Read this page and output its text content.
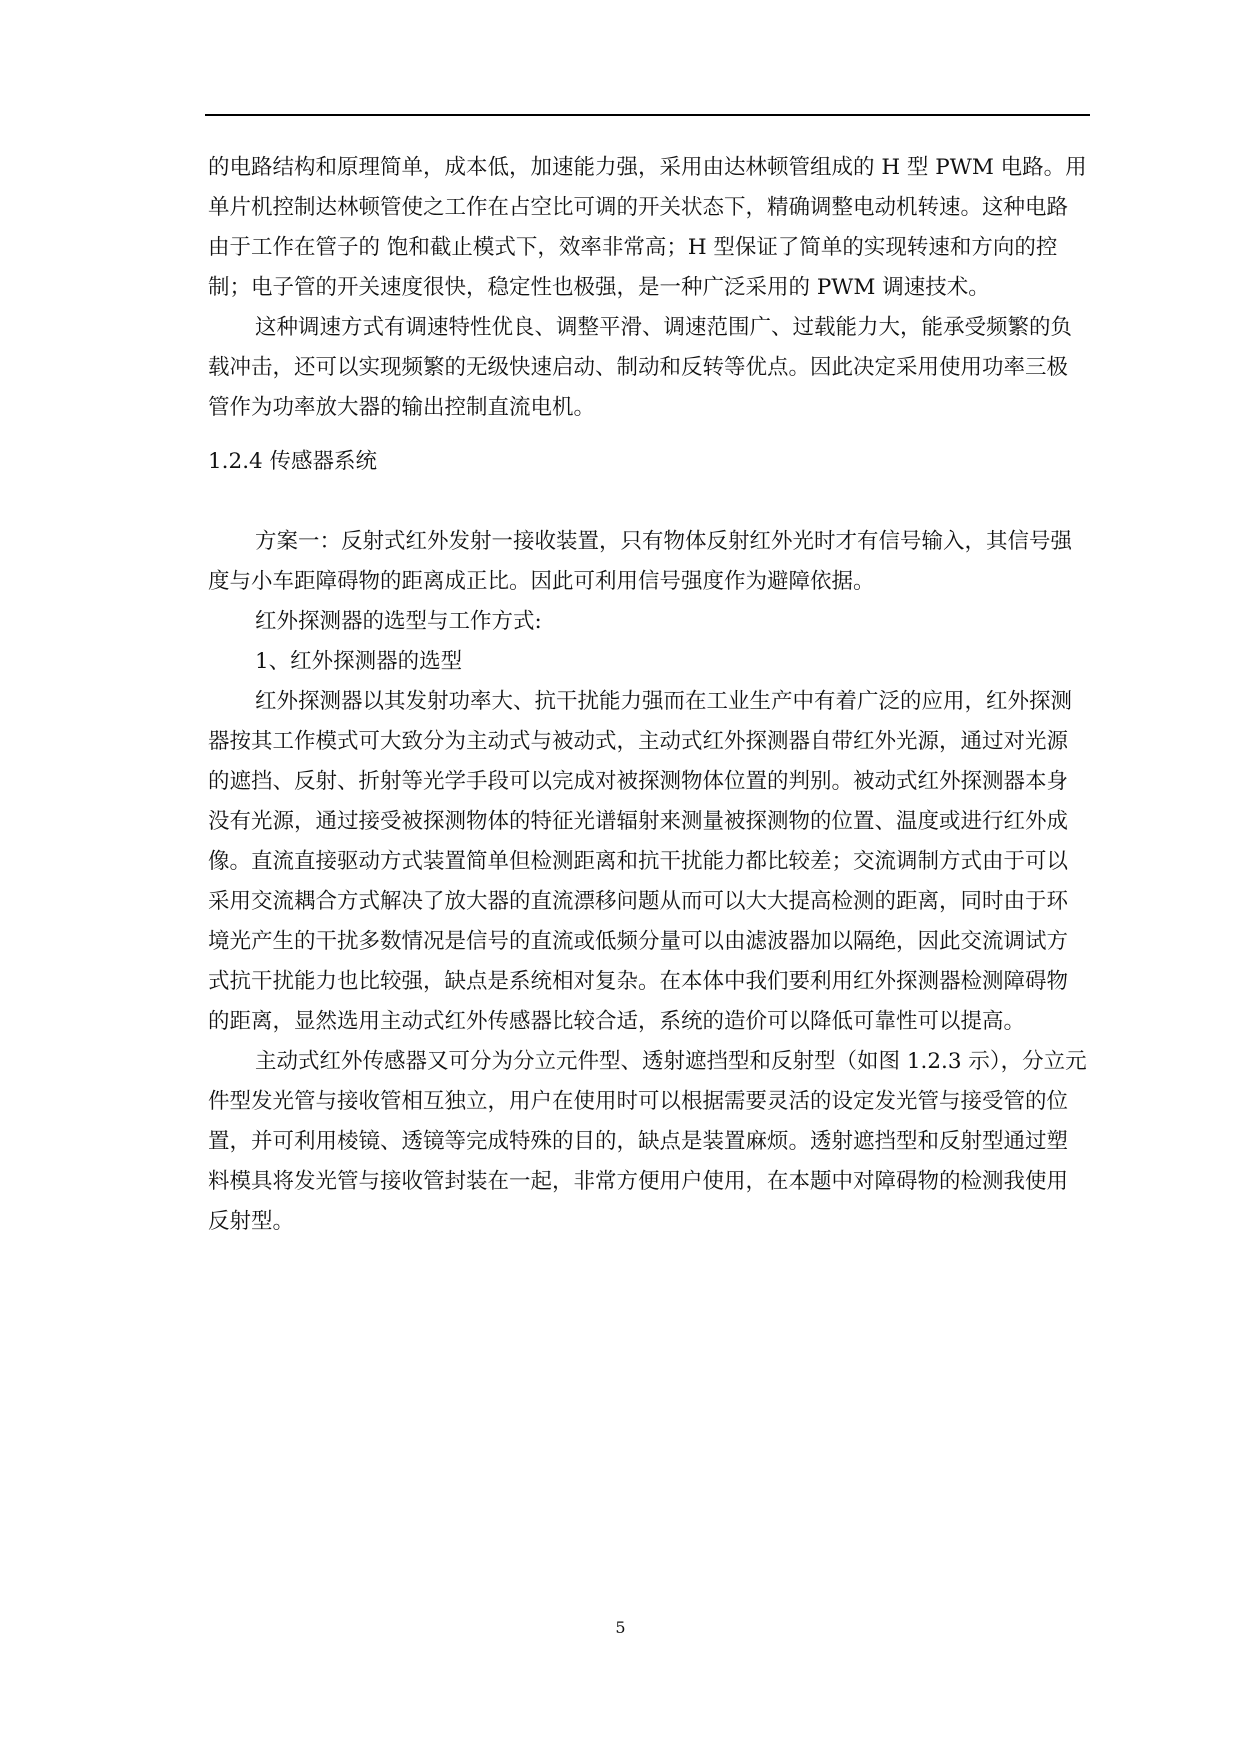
的电路结构和原理简单，成本低，加速能力强，采用由达林顿管组成的 H 型 PWM 电路。用单片机控制达林顿管使之工作在占空比可调的开关状态下，精确调整电动机转速。这种电路由于工作在管子的 饱和截止模式下，效率非常高；H 型保证了简单的实现转速和方向的控制；电子管的开关速度很快，稳定性也极强，是一种广泛采用的 PWM 调速技术。

这种调速方式有调速特性优良、调整平滑、调速范围广、过载能力大，能承受频繁的负载冲击，还可以实现频繁的无级快速启动、制动和反转等优点。因此决定采用使用功率三极管作为功率放大器的输出控制直流电机。

1.2.4 传感器系统

方案一：反射式红外发射一接收装置，只有物体反射红外光时才有信号输入，其信号强度与小车距障碍物的距离成正比。因此可利用信号强度作为避障依据。

红外探测器的选型与工作方式:

1、红外探测器的选型

红外探测器以其发射功率大、抗干扰能力强而在工业生产中有着广泛的应用，红外探测器按其工作模式可大致分为主动式与被动式，主动式红外探测器自带红外光源，通过对光源的遮挡、反射、折射等光学手段可以完成对被探测物体位置的判别。被动式红外探测器本身没有光源，通过接受被探测物体的特征光谱辐射来测量被探测物的位置、温度或进行红外成像。直流直接驱动方式装置简单但检测距离和抗干扰能力都比较差；交流调制方式由于可以采用交流耦合方式解决了放大器的直流漂移问题从而可以大大提高检测的距离，同时由于环境光产生的干扰多数情况是信号的直流或低频分量可以由滤波器加以隔绝，因此交流调试方式抗干扰能力也比较强，缺点是系统相对复杂。在本体中我们要利用红外探测器检测障碍物的距离，显然选用主动式红外传感器比较合适，系统的造价可以降低可靠性可以提高。

主动式红外传感器又可分为分立元件型、透射遮挡型和反射型（如图 1.2.3 示），分立元件型发光管与接收管相互独立，用户在使用时可以根据需要灵活的设定发光管与接受管的位置，并可利用棱镜、透镜等完成特殊的目的，缺点是装置麻烦。透射遮挡型和反射型通过塑料模具将发光管与接收管封装在一起，非常方便用户使用，在本题中对障碍物的检测我使用反射型。

5
